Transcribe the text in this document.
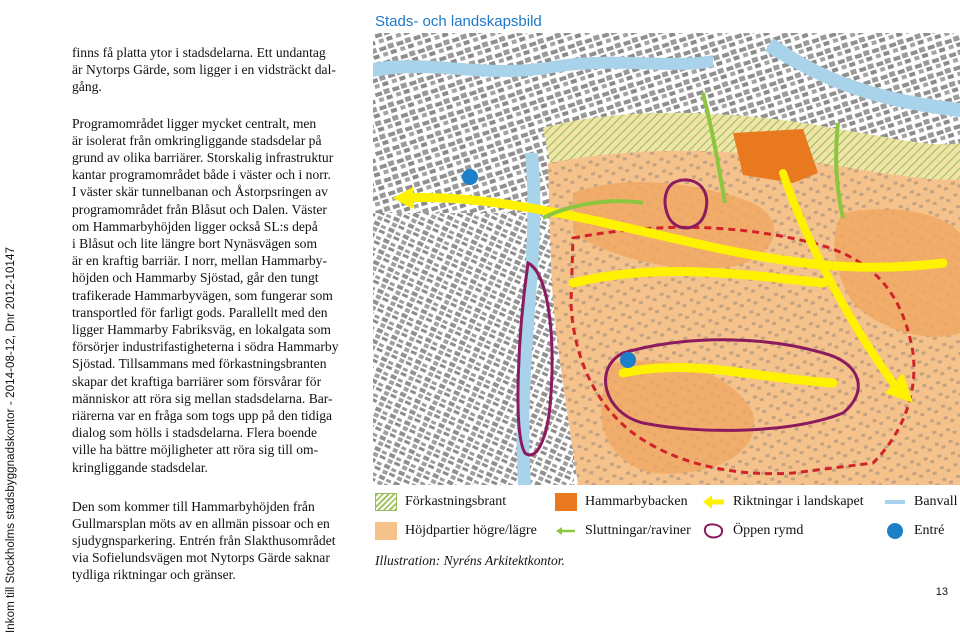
Inkom till Stockholms stadsbyggnadskontor - 2014-08-12, Dnr 2012-10147

finns få platta ytor i stadsdelarna. Ett undantag
är Nytorps Gärde, som ligger i en vidsträckt dal-
gång.

Programområdet ligger mycket centralt, men
är isolerat från omkringliggande stadsdelar på
grund av olika barriärer. Storskalig infrastruktur
kantar programområdet både i väster och i norr.
I väster skär tunnelbanan och Åstorpsringen av
programområdet från Blåsut och Dalen. Väster
om Hammarbyhöjden ligger också SL:s depå
i Blåsut och lite längre bort Nynäsvägen som
är en kraftig barriär. I norr, mellan Hammarby-
höjden och Hammarby Sjöstad, går den tungt
trafikerade Hammarbyvägen, som fungerar som
transportled för farligt gods. Parallellt med den
ligger Hammarby Fabriksväg, en lokalgata som
försörjer industrifastigheterna i södra Hammarby
Sjöstad. Tillsammans med förkastningsbranten
skapar det kraftiga barriärer som försvårar för
människor att röra sig mellan stadsdelarna. Bar-
riärerna var en fråga som togs upp på den tidiga
dialog som hölls i stadsdelarna. Flera boende
ville ha bättre möjligheter att röra sig till om-
kringliggande stadsdelar.

Den som kommer till Hammarbyhöjden från
Gullmarsplan möts av en allmän pissoar och en
sjudygnsparkering. Entrén från Slakthusområdet
via Sofielundsvägen mot Nytorps Gärde saknar
tydliga riktningar och gränser.

Stads- och landskapsbild
Förkastningsbrant
Höjdpartier högre/lägre
Hammarbybacken
Sluttningar/raviner
Riktningar i landskapet
Öppen rymd
Banvall
Entré
Illustration: Nyréns Arkitektkontor.
13
